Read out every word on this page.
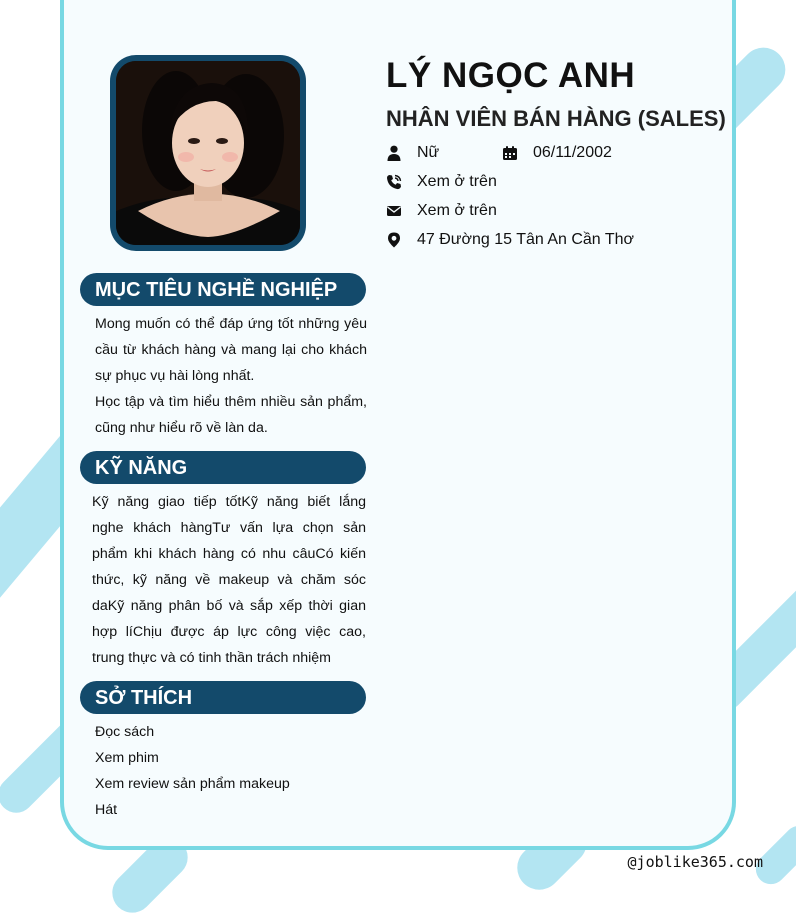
LÝ NGỌC ANH
NHÂN VIÊN BÁN HÀNG (SALES)
Nữ	06/11/2002
Xem ở trên
Xem ở trên
47 Đường 15 Tân An Cần Thơ
MỤC TIÊU NGHỀ NGHIỆP

Mong muốn có thể đáp ứng tốt những yêu cầu từ khách hàng và mang lại cho khách sự phục vụ hài lòng nhất.

Học tập và tìm hiểu thêm nhiều sản phẩm, cũng như hiểu rõ về làn da.

KỸ NĂNG

Kỹ năng giao tiếp tốtKỹ năng biết lắng nghe khách hàngTư vấn lựa chọn sản phẩm khi khách hàng có nhu câuCó kiến thức, kỹ năng về makeup và chăm sóc daKỹ năng phân bố và sắp xếp thời gian hợp líChịu được áp lực công việc cao, trung thực và có tinh thần trách nhiệm

SỞ THÍCH
Đọc sách
Xem phim
Xem review sản phẩm makeup
Hát
@joblike365.com
